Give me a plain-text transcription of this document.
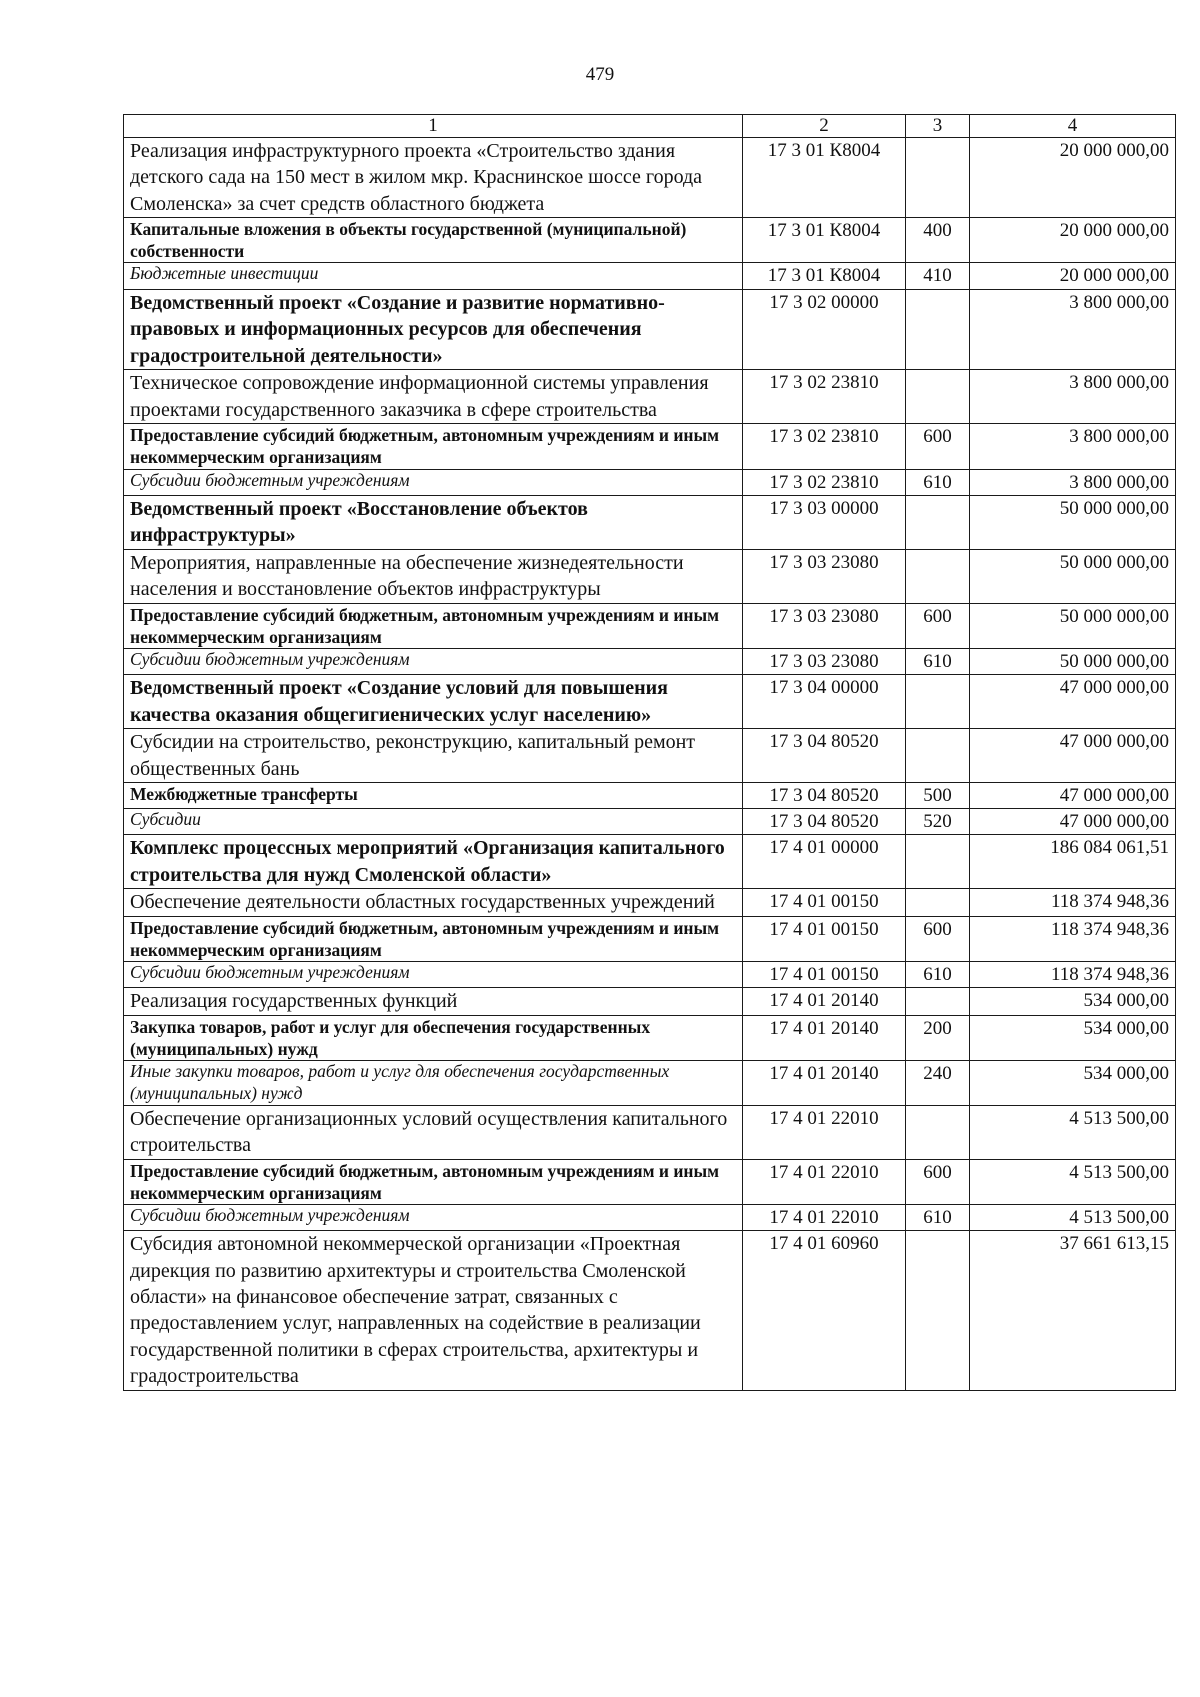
479
1	2	3	4
Реализация инфраструктурного проекта «Строительство здания детского сада на 150 мест в жилом мкр. Краснинское шоссе города Смоленска» за счет средств областного бюджета	17 3 01 К8004		20 000 000,00
Капитальные вложения в объекты государственной (муниципальной) собственности	17 3 01 К8004	400	20 000 000,00
Бюджетные инвестиции	17 3 01 К8004	410	20 000 000,00
Ведомственный проект «Создание и развитие нормативно-правовых и информационных ресурсов для обеспечения градостроительной деятельности»	17 3 02 00000		3 800 000,00
Техническое сопровождение информационной системы управления проектами государственного заказчика в сфере строительства	17 3 02 23810		3 800 000,00
Предоставление субсидий бюджетным, автономным учреждениям и иным некоммерческим организациям	17 3 02 23810	600	3 800 000,00
Субсидии бюджетным учреждениям	17 3 02 23810	610	3 800 000,00
Ведомственный проект «Восстановление объектов инфраструктуры»	17 3 03 00000		50 000 000,00
Мероприятия, направленные на обеспечение жизнедеятельности населения и восстановление объектов инфраструктуры	17 3 03 23080		50 000 000,00
Предоставление субсидий бюджетным, автономным учреждениям и иным некоммерческим организациям	17 3 03 23080	600	50 000 000,00
Субсидии бюджетным учреждениям	17 3 03 23080	610	50 000 000,00
Ведомственный проект «Создание условий для повышения качества оказания общегигиенических услуг населению»	17 3 04 00000		47 000 000,00
Субсидии на строительство, реконструкцию, капитальный ремонт общественных бань	17 3 04 80520		47 000 000,00
Межбюджетные трансферты	17 3 04 80520	500	47 000 000,00
Субсидии	17 3 04 80520	520	47 000 000,00
Комплекс процессных мероприятий «Организация капитального строительства для нужд Смоленской области»	17 4 01 00000		186 084 061,51
Обеспечение деятельности областных государственных учреждений	17 4 01 00150		118 374 948,36
Предоставление субсидий бюджетным, автономным учреждениям и иным некоммерческим организациям	17 4 01 00150	600	118 374 948,36
Субсидии бюджетным учреждениям	17 4 01 00150	610	118 374 948,36
Реализация государственных функций	17 4 01 20140		534 000,00
Закупка товаров, работ и услуг для обеспечения государственных (муниципальных) нужд	17 4 01 20140	200	534 000,00
Иные закупки товаров, работ и услуг для обеспечения государственных (муниципальных) нужд	17 4 01 20140	240	534 000,00
Обеспечение организационных условий осуществления капитального строительства	17 4 01 22010		4 513 500,00
Предоставление субсидий бюджетным, автономным учреждениям и иным некоммерческим организациям	17 4 01 22010	600	4 513 500,00
Субсидии бюджетным учреждениям	17 4 01 22010	610	4 513 500,00
Субсидия автономной некоммерческой организации «Проектная дирекция по развитию архитектуры и строительства Смоленской области» на финансовое обеспечение затрат, связанных с предоставлением услуг, направленных на содействие в реализации государственной политики в сферах строительства, архитектуры и градостроительства	17 4 01 60960		37 661 613,15
